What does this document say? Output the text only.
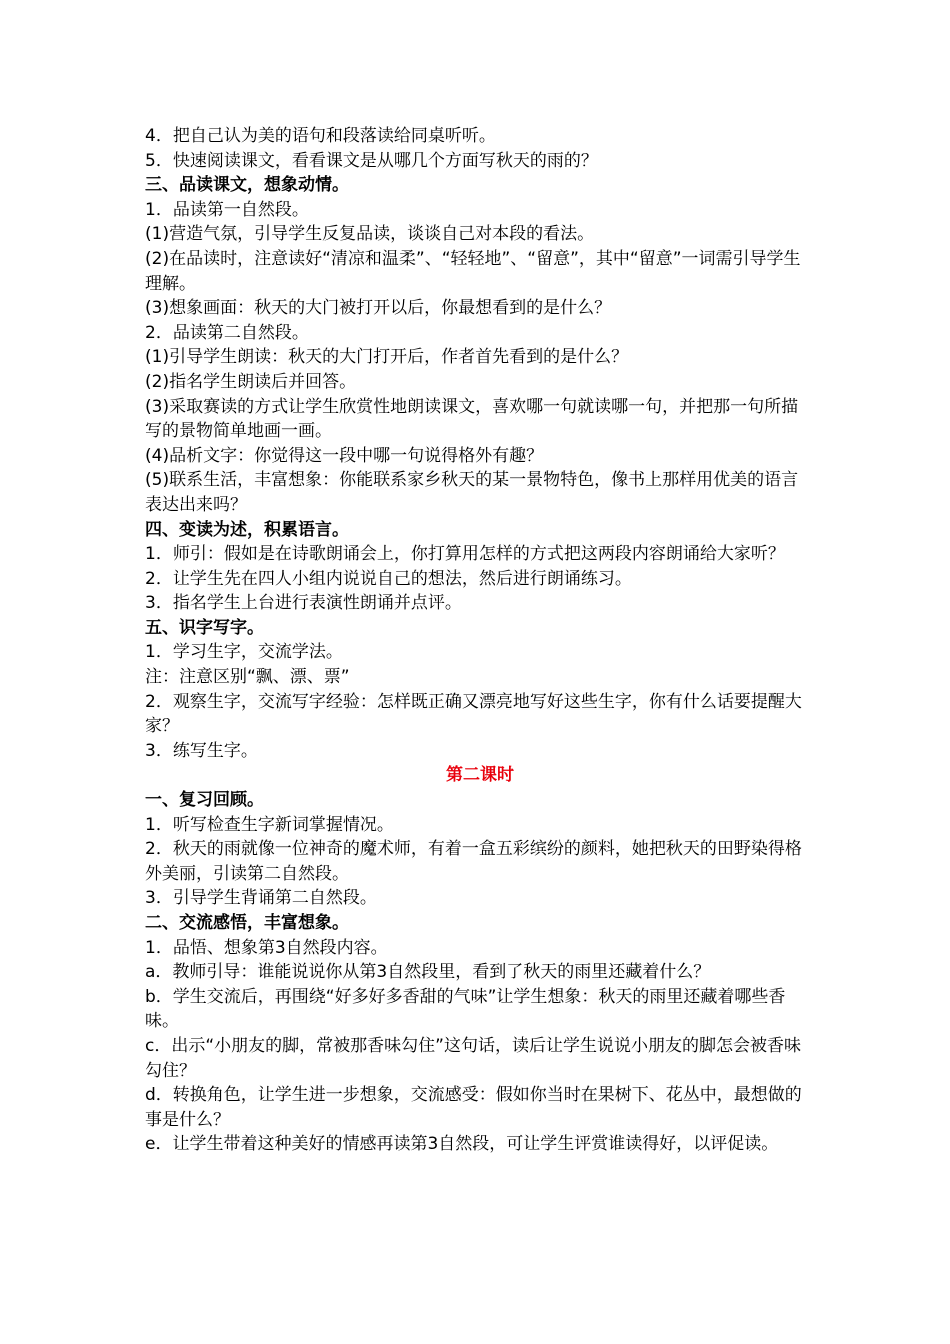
4．把自己认为美的语句和段落读给同桌听听。

5．快速阅读课文，看看课文是从哪几个方面写秋天的雨的？

三、品读课文，想象动情。

1．品读第一自然段。

(1)营造气氛，引导学生反复品读，谈谈自己对本段的看法。

(2)在品读时，注意读好“清凉和温柔”、“轻轻地”、“留意”，其中“留意”一词需引导学生理解。

(3)想象画面：秋天的大门被打开以后，你最想看到的是什么？

2．品读第二自然段。

(1)引导学生朗读：秋天的大门打开后，作者首先看到的是什么？

(2)指名学生朗读后并回答。

(3)采取赛读的方式让学生欣赏性地朗读课文，喜欢哪一句就读哪一句，并把那一句所描写的景物简单地画一画。

(4)品析文字：你觉得这一段中哪一句说得格外有趣？

(5)联系生活，丰富想象：你能联系家乡秋天的某一景物特色，像书上那样用优美的语言表达出来吗？

四、变读为述，积累语言。

1．师引：假如是在诗歌朗诵会上，你打算用怎样的方式把这两段内容朗诵给大家听？

2．让学生先在四人小组内说说自己的想法，然后进行朗诵练习。

3．指名学生上台进行表演性朗诵并点评。

五、识字写字。

1．学习生字，交流学法。

注：注意区别“飘、漂、票”

2．观察生字，交流写字经验：怎样既正确又漂亮地写好这些生字，你有什么话要提醒大家？

3．练写生字。

第二课时

一、复习回顾。

1．听写检查生字新词掌握情况。

2．秋天的雨就像一位神奇的魔术师，有着一盒五彩缤纷的颜料，她把秋天的田野染得格外美丽，引读第二自然段。

3．引导学生背诵第二自然段。

二、交流感悟，丰富想象。

1．品悟、想象第3自然段内容。

a．教师引导：谁能说说你从第3自然段里，看到了秋天的雨里还藏着什么？

b．学生交流后，再围绕“好多好多香甜的气味”让学生想象：秋天的雨里还藏着哪些香味。

c．出示“小朋友的脚，常被那香味勾住”这句话，读后让学生说说小朋友的脚怎会被香味勾住？

d．转换角色，让学生进一步想象，交流感受：假如你当时在果树下、花丛中，最想做的事是什么？

e．让学生带着这种美好的情感再读第3自然段，可让学生评赏谁读得好，以评促读。
